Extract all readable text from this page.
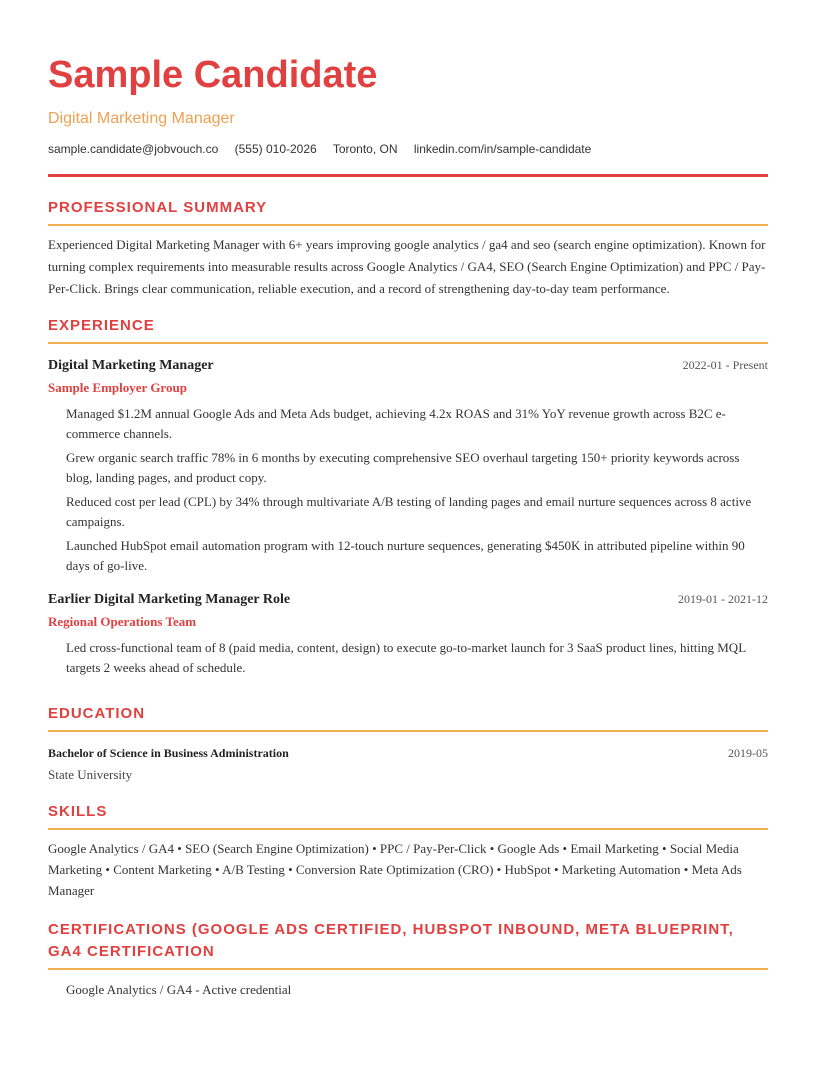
Sample Candidate
Digital Marketing Manager
sample.candidate@jobvouch.co (555) 010-2026 Toronto, ON linkedin.com/in/sample-candidate
PROFESSIONAL SUMMARY
Experienced Digital Marketing Manager with 6+ years improving google analytics / ga4 and seo (search engine optimization). Known for turning complex requirements into measurable results across Google Analytics / GA4, SEO (Search Engine Optimization) and PPC / Pay-Per-Click. Brings clear communication, reliable execution, and a record of strengthening day-to-day team performance.
EXPERIENCE
Digital Marketing Manager	2022-01 - Present
Sample Employer Group
Managed $1.2M annual Google Ads and Meta Ads budget, achieving 4.2x ROAS and 31% YoY revenue growth across B2C e-commerce channels.
Grew organic search traffic 78% in 6 months by executing comprehensive SEO overhaul targeting 150+ priority keywords across blog, landing pages, and product copy.
Reduced cost per lead (CPL) by 34% through multivariate A/B testing of landing pages and email nurture sequences across 8 active campaigns.
Launched HubSpot email automation program with 12-touch nurture sequences, generating $450K in attributed pipeline within 90 days of go-live.
Earlier Digital Marketing Manager Role	2019-01 - 2021-12
Regional Operations Team
Led cross-functional team of 8 (paid media, content, design) to execute go-to-market launch for 3 SaaS product lines, hitting MQL targets 2 weeks ahead of schedule.
EDUCATION
Bachelor of Science in Business Administration	2019-05
State University
SKILLS
Google Analytics / GA4 • SEO (Search Engine Optimization) • PPC / Pay-Per-Click • Google Ads • Email Marketing • Social Media Marketing • Content Marketing • A/B Testing • Conversion Rate Optimization (CRO) • HubSpot • Marketing Automation • Meta Ads Manager
CERTIFICATIONS (GOOGLE ADS CERTIFIED, HUBSPOT INBOUND, META BLUEPRINT, GA4 CERTIFICATION
Google Analytics / GA4 - Active credential
